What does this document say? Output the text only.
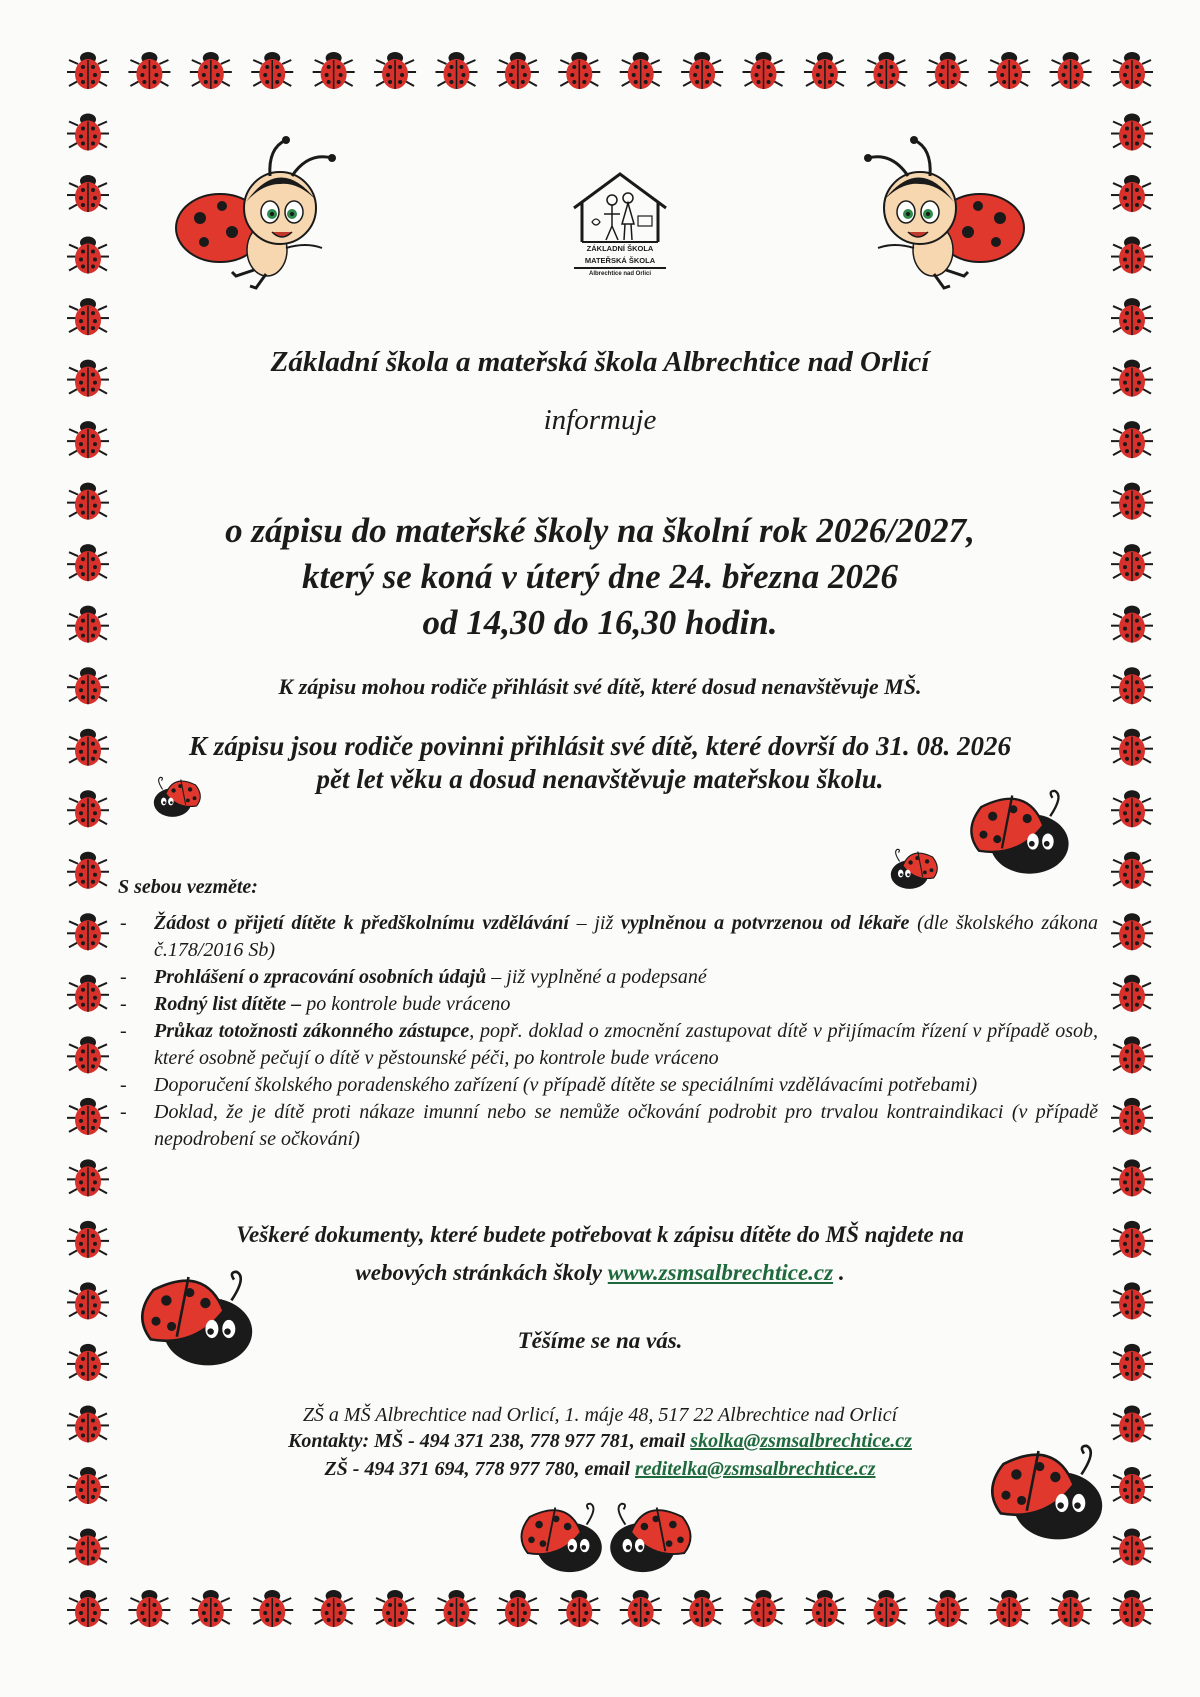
ZÁKLADNÍ ŠKOLA
MATEŘSKÁ ŠKOLA
Albrechtice nad Orlicí
Základní škola a mateřská škola Albrechtice nad Orlicí
informuje
o zápisu do mateřské školy na školní rok 2026/2027,
který se koná v úterý dne 24. března 2026
od 14,30 do 16,30 hodin.
K zápisu mohou rodiče přihlásit své dítě, které dosud nenavštěvuje MŠ.
K zápisu jsou rodiče povinni přihlásit své dítě, které dovrší do 31. 08. 2026
pět let věku a dosud nenavštěvuje mateřskou školu.
S sebou vezměte:
- Žádost o přijetí dítěte k předškolnímu vzdělávání – již vyplněnou a potvrzenou od lékaře (dle školského zákona č.178/2016 Sb)
- Prohlášení o zpracování osobních údajů – již vyplněné a podepsané
- Rodný list dítěte – po kontrole bude vráceno
- Průkaz totožnosti zákonného zástupce, popř. doklad o zmocnění zastupovat dítě v přijímacím řízení v případě osob, které osobně pečují o dítě v pěstounské péči, po kontrole bude vráceno
- Doporučení školského poradenského zařízení (v případě dítěte se speciálními vzdělávacími potřebami)
- Doklad, že je dítě proti nákaze imunní nebo se nemůže očkování podrobit pro trvalou kontraindikaci (v případě nepodrobení se očkování)
Veškeré dokumenty, které budete potřebovat k zápisu dítěte do MŠ najdete na
webových stránkách školy www.zsmsalbrechtice.cz .
Těšíme se na vás.
ZŠ a MŠ Albrechtice nad Orlicí, 1. máje 48, 517 22 Albrechtice nad Orlicí
Kontakty: MŠ - 494 371 238, 778 977 781, email skolka@zsmsalbrechtice.cz
ZŠ - 494 371 694, 778 977 780, email reditelka@zsmsalbrechtice.cz
